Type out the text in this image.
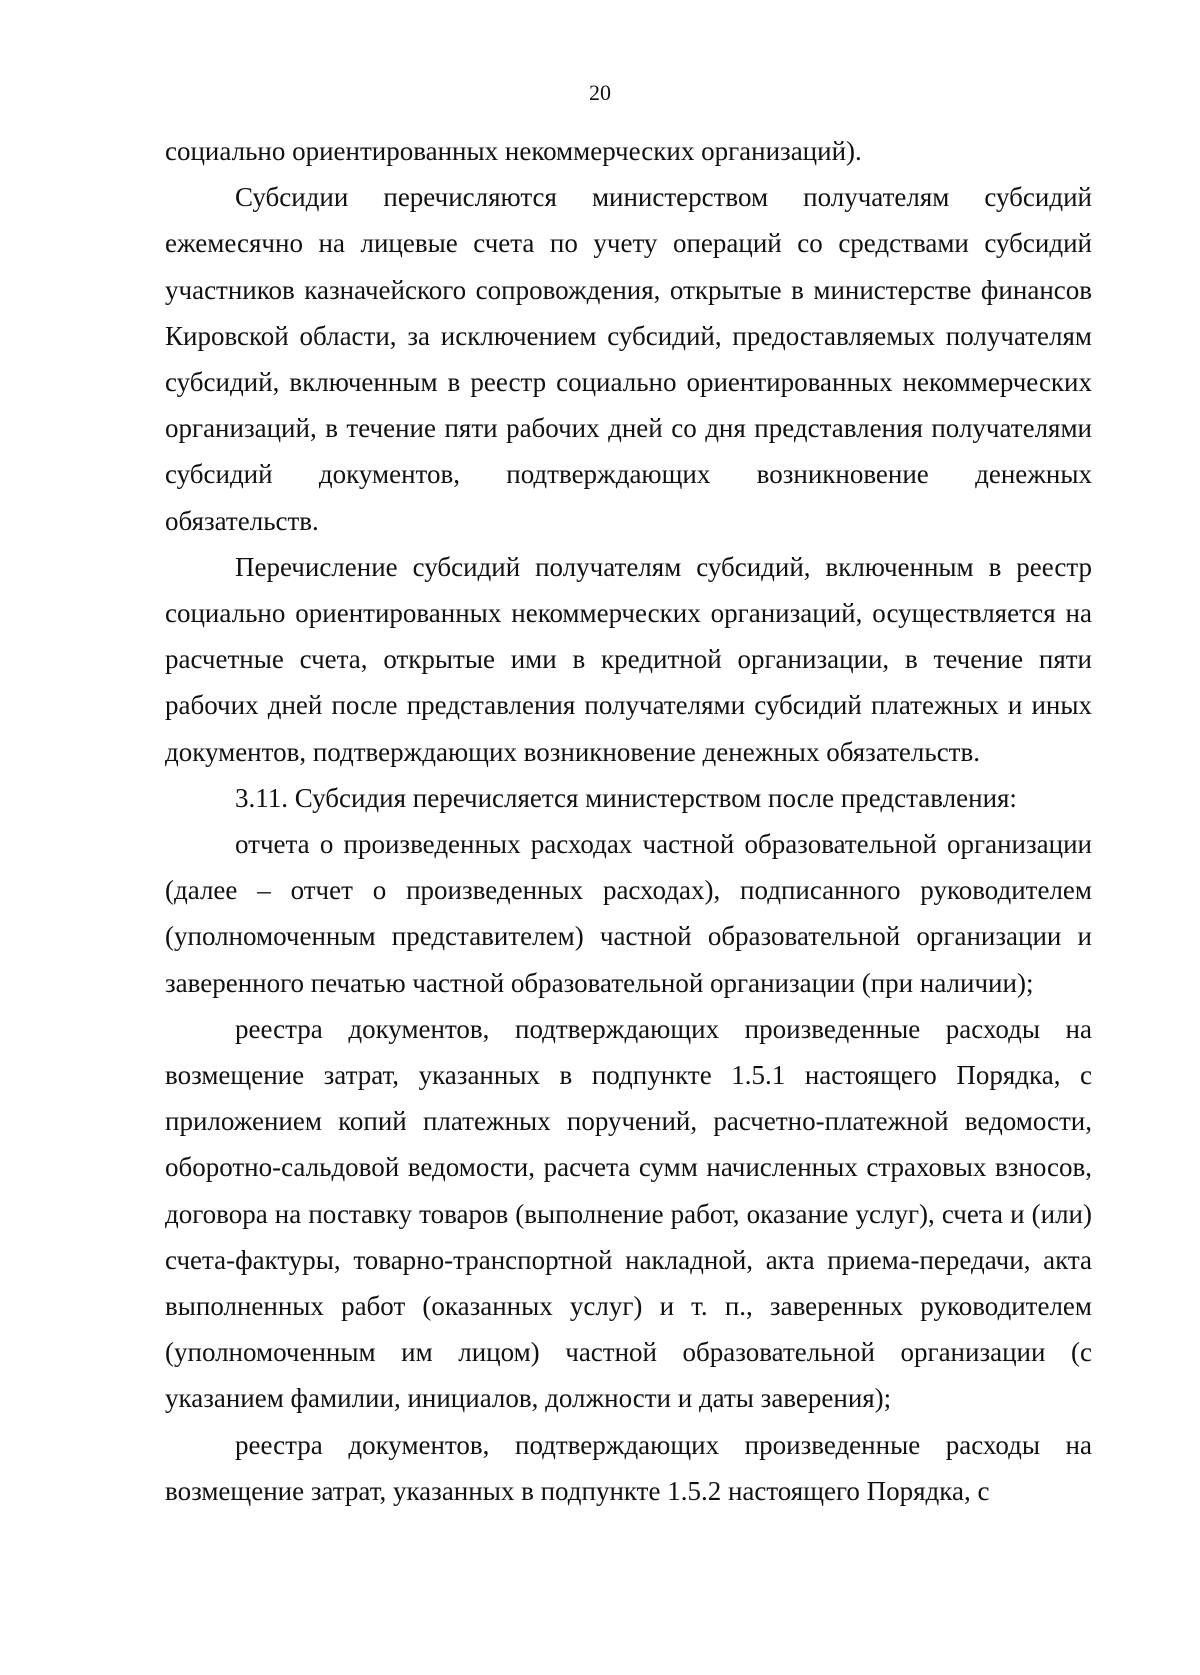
20

социально ориентированных некоммерческих организаций).

Субсидии перечисляются министерством получателям субсидий ежемесячно на лицевые счета по учету операций со средствами субсидий участников казначейского сопровождения, открытые в министерстве финансов Кировской области, за исключением субсидий, предоставляемых получателям субсидий, включенным в реестр социально ориентированных некоммерческих организаций, в течение пяти рабочих дней со дня представления получателями субсидий документов, подтверждающих возникновение денежных обязательств.

Перечисление субсидий получателям субсидий, включенным в реестр социально ориентированных некоммерческих организаций, осуществляется на расчетные счета, открытые ими в кредитной организации, в течение пяти рабочих дней после представления получателями субсидий платежных и иных документов, подтверждающих возникновение денежных обязательств.

3.11. Субсидия перечисляется министерством после представления:

отчета о произведенных расходах частной образовательной организации (далее – отчет о произведенных расходах), подписанного руководителем (уполномоченным представителем) частной образовательной организации и заверенного печатью частной образовательной организации (при наличии);

реестра документов, подтверждающих произведенные расходы на возмещение затрат, указанных в подпункте 1.5.1 настоящего Порядка, с приложением копий платежных поручений, расчетно-платежной ведомости, оборотно-сальдовой ведомости, расчета сумм начисленных страховых взносов, договора на поставку товаров (выполнение работ, оказание услуг), счета и (или) счета-фактуры, товарно-транспортной накладной, акта приема-передачи, акта выполненных работ (оказанных услуг) и т. п., заверенных руководителем (уполномоченным им лицом) частной образовательной организации (с указанием фамилии, инициалов, должности и даты заверения);

реестра документов, подтверждающих произведенные расходы на возмещение затрат, указанных в подпункте 1.5.2 настоящего Порядка, с
